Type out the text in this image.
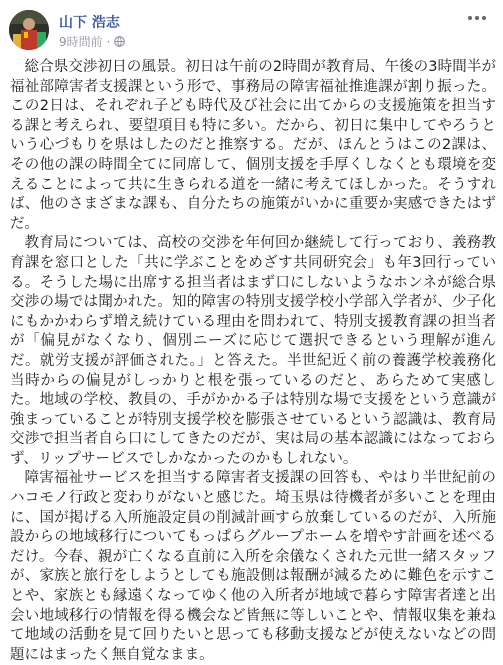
山下 浩志
9時間前 ·

総合県交渉初日の風景。初日は午前の2時間が教育局、午後の3時間半が福祉部障害者支援課という形で、事務局の障害福祉推進課が割り振った。この2日は、それぞれ子ども時代及び社会に出てからの支援施策を担当する課と考えられ、要望項目も特に多い。だから、初日に集中してやろうという心づもりを県はしたのだと推察する。だが、ほんとうはこの2課は、その他の課の時間全てに同席して、個別支援を手厚くしなくとも環境を変えることによって共に生きられる道を一緒に考えてほしかった。そうすれば、他のさまざまな課も、自分たちの施策がいかに重要か実感できたはずだ。

教育局については、高校の交渉を年何回か継続して行っており、義務教育課を窓口とした「共に学ぶことをめざす共同研究会」も年3回行っている。そうした場に出席する担当者はまず口にしないようなホンネが総合県交渉の場では聞かれた。知的障害の特別支援学校小学部入学者が、少子化にもかかわらず増え続けている理由を問われて、特別支援教育課の担当者が「偏見がなくなり、個別ニーズに応じて選択できるという理解が進んだ。就労支援が評価された。」と答えた。半世紀近く前の養護学校義務化当時からの偏見がしっかりと根を張っているのだと、あらためて実感した。地域の学校、教員の、手がかかる子は特別な場で支援をという意識が強まっていることが特別支援学校を膨張させているという認識は、教育局交渉で担当者自ら口にしてきたのだが、実は局の基本認識にはなっておらず、リップサービスでしかなかったのかもしれない。

障害福祉サービスを担当する障害者支援課の回答も、やはり半世紀前のハコモノ行政と変わりがないと感じた。埼玉県は待機者が多いことを理由に、国が掲げる入所施設定員の削減計画すら放棄しているのだが、入所施設からの地域移行についてもっぱらグループホームを増やす計画を述べるだけ。今春、親が亡くなる直前に入所を余儀なくされた元世一緒スタッフが、家族と旅行をしようとしても施設側は報酬が減るために難色を示すことや、家族とも縁遠くなってゆく他の入所者が地域で暮らす障害者達と出会い地域移行の情報を得る機会など皆無に等しいことや、情報収集を兼ねて地域の活動を見て回りたいと思っても移動支援などが使えないなどの問題にはまったく無自覚なまま。
